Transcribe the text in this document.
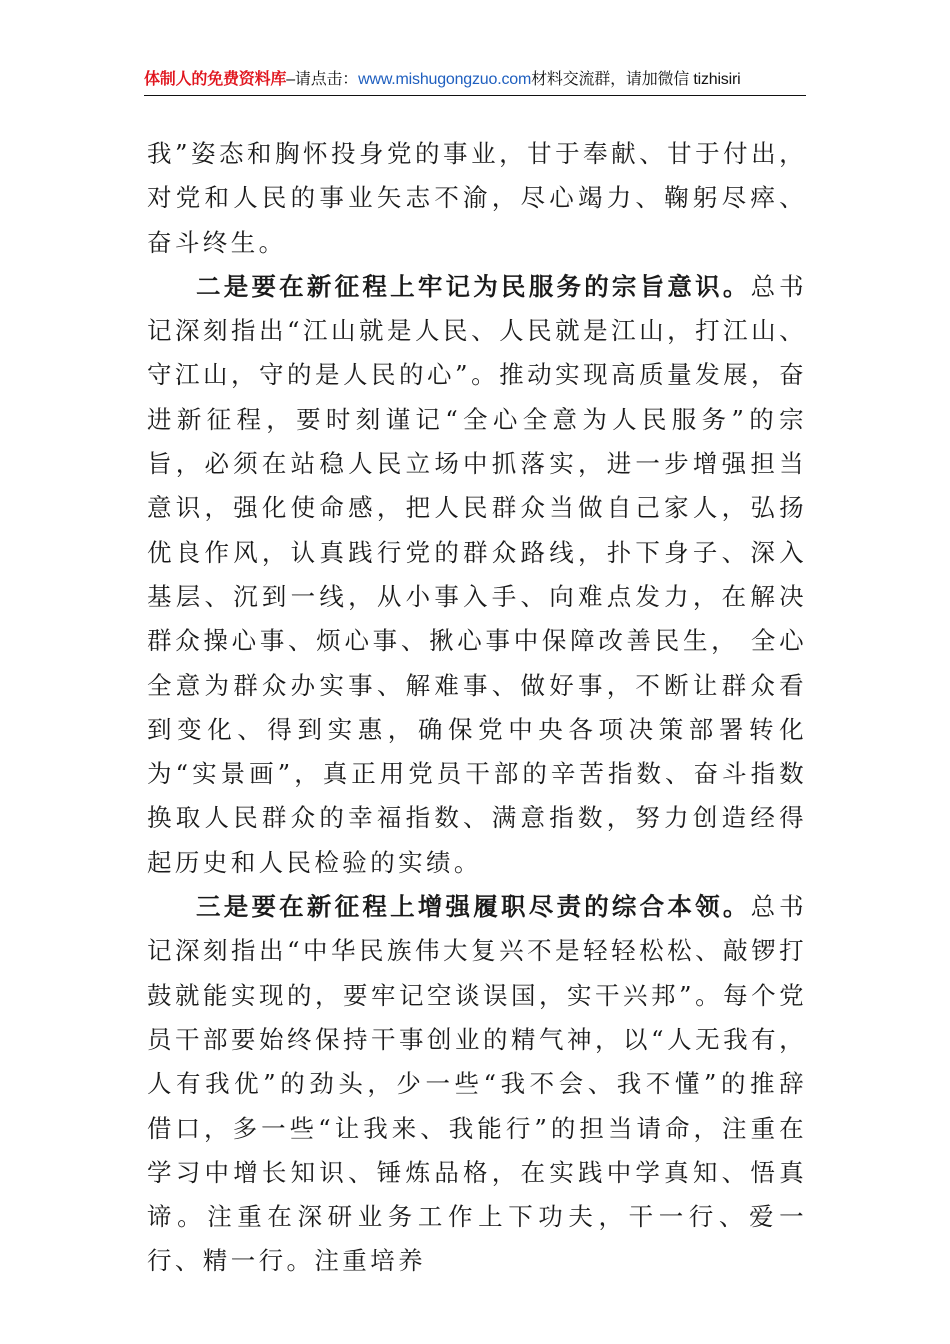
体制人的免费资料库–请点击：www.mishugongzuo.com材料交流群，请加微信 tizhisiri

我”姿态和胸怀投身党的事业，甘于奉献、甘于付出，对党和人民的事业矢志不渝，尽心竭力、鞠躬尽瘁、奋斗终生。

二是要在新征程上牢记为民服务的宗旨意识。总书记深刻指出“江山就是人民、人民就是江山，打江山、守江山，守的是人民的心”。推动实现高质量发展，奋进新征程，要时刻谨记“全心全意为人民服务”的宗旨，必须在站稳人民立场中抓落实，进一步增强担当意识，强化使命感，把人民群众当做自己家人，弘扬优良作风，认真践行党的群众路线，扑下身子、深入基层、沉到一线，从小事入手、向难点发力，在解决群众操心事、烦心事、揪心事中保障改善民生， 全心全意为群众办实事、解难事、做好事，不断让群众看到变化、得到实惠，确保党中央各项决策部署转化为“实景画”，真正用党员干部的辛苦指数、奋斗指数换取人民群众的幸福指数、满意指数，努力创造经得起历史和人民检验的实绩。

三是要在新征程上增强履职尽责的综合本领。总书记深刻指出“中华民族伟大复兴不是轻轻松松、敲锣打鼓就能实现的，要牢记空谈误国，实干兴邦”。每个党员干部要始终保持干事创业的精气神，以“人无我有，人有我优”的劲头，少一些“我不会、我不懂”的推辞借口，多一些“让我来、我能行”的担当请命，注重在学习中增长知识、锤炼品格，在实践中学真知、悟真谛。注重在深研业务工作上下功夫，干一行、爱一行、精一行。注重培养
